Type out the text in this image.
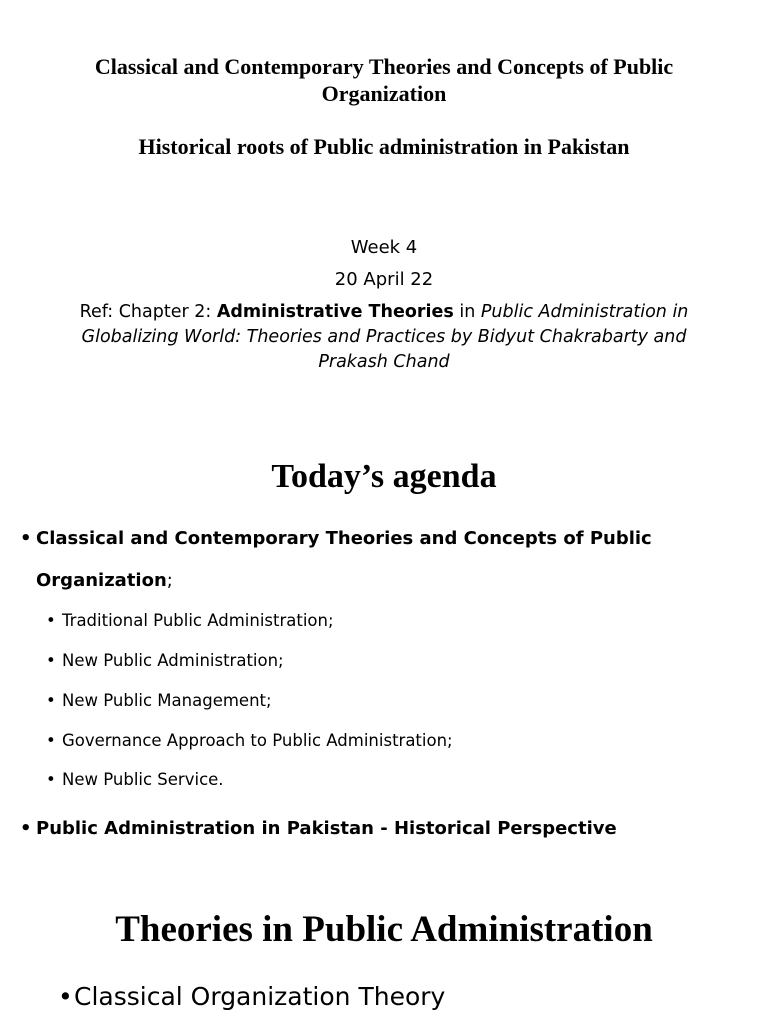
Classical and Contemporary Theories and Concepts of Public Organization
Historical roots of Public administration in Pakistan
Week 4
20 April 22
Ref: Chapter 2: Administrative Theories in Public Administration in Globalizing World: Theories and Practices by Bidyut Chakrabarty and Prakash Chand
Today’s agenda
• Classical and Contemporary Theories and Concepts of Public Organization;
• Traditional Public Administration;
• New Public Administration;
• New Public Management;
• Governance Approach to Public Administration;
• New Public Service.
• Public Administration in Pakistan - Historical Perspective
Theories in Public Administration
• Classical Organization Theory
